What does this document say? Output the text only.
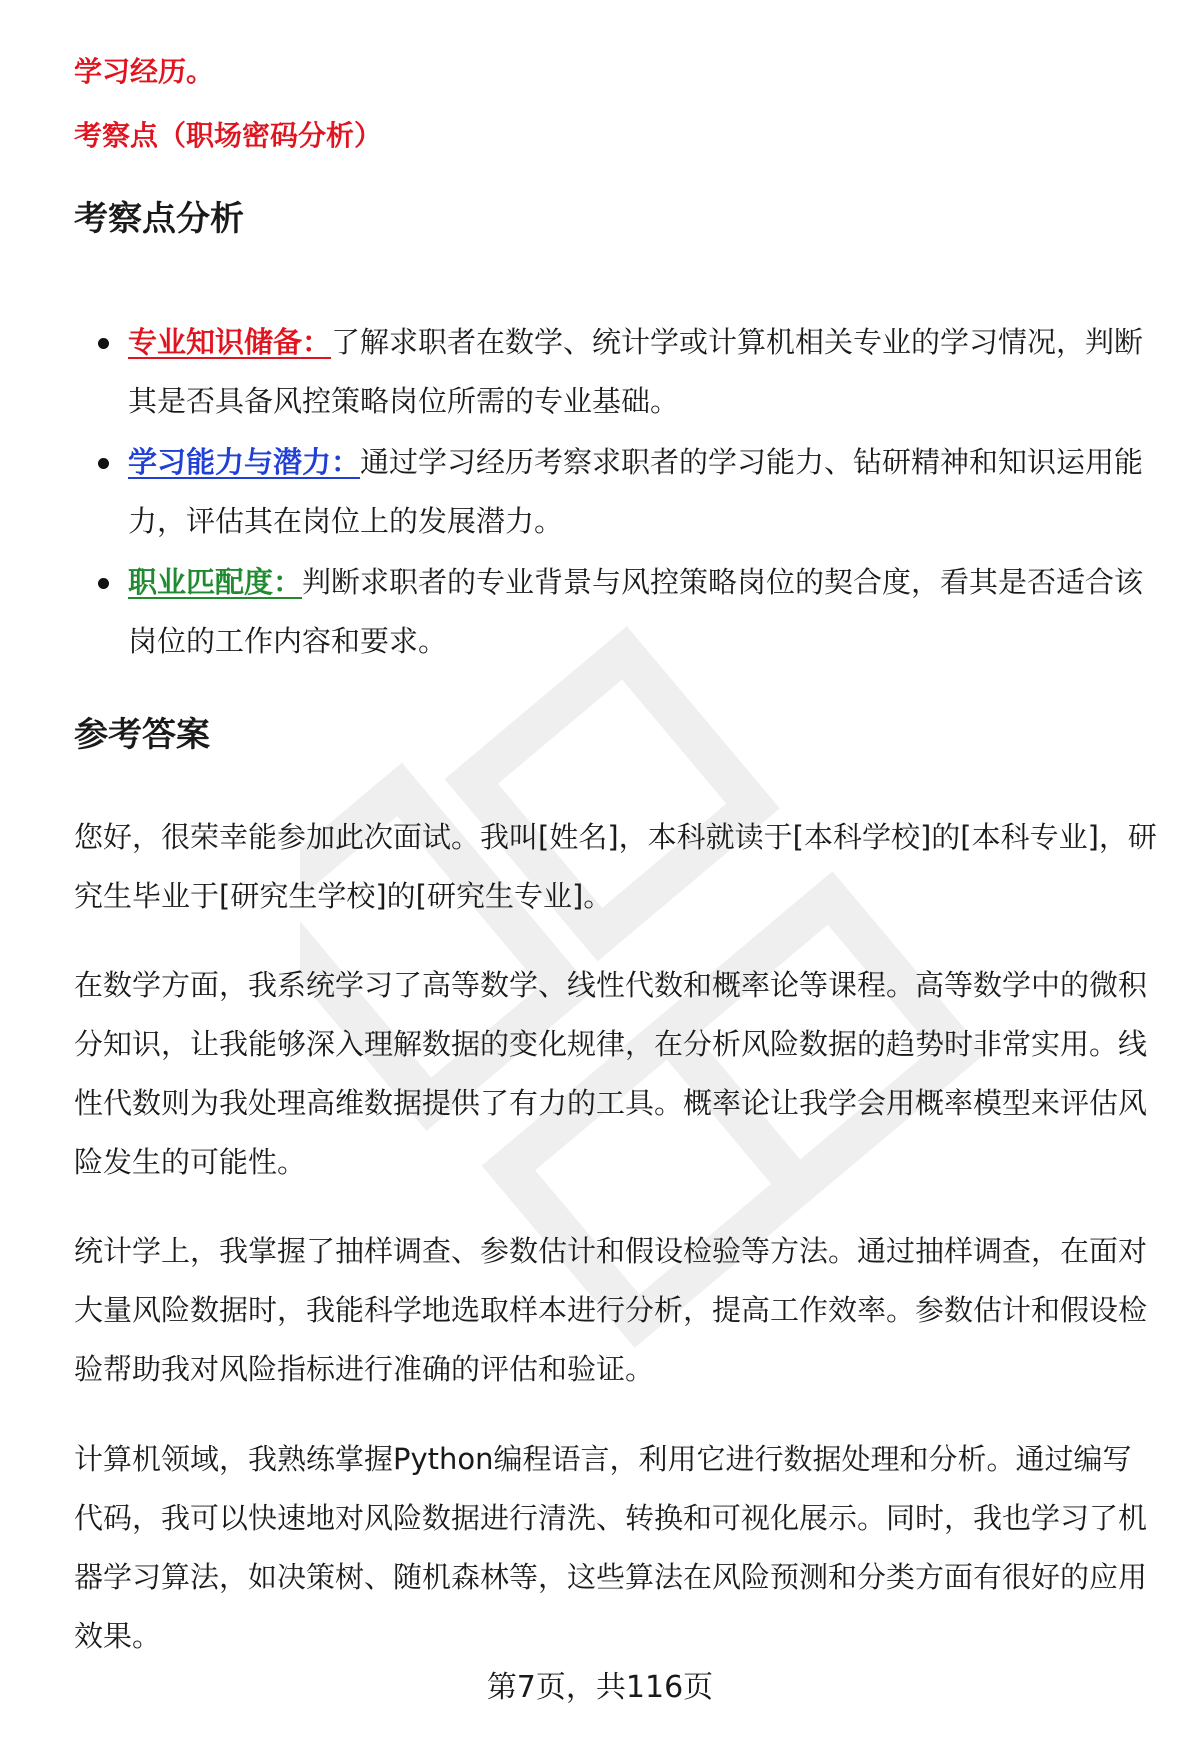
学习经历。
考察点（职场密码分析）
考察点分析
专业知识储备：了解求职者在数学、统计学或计算机相关专业的学习情况，判断其是否具备风控策略岗位所需的专业基础。
学习能力与潜力：通过学习经历考察求职者的学习能力、钻研精神和知识运用能力，评估其在岗位上的发展潜力。
职业匹配度：判断求职者的专业背景与风控策略岗位的契合度，看其是否适合该岗位的工作内容和要求。
参考答案
您好，很荣幸能参加此次面试。我叫[姓名]，本科就读于[本科学校]的[本科专业]，研究生毕业于[研究生学校]的[研究生专业]。
在数学方面，我系统学习了高等数学、线性代数和概率论等课程。高等数学中的微积分知识，让我能够深入理解数据的变化规律，在分析风险数据的趋势时非常实用。线性代数则为我处理高维数据提供了有力的工具。概率论让我学会用概率模型来评估风险发生的可能性。
统计学上，我掌握了抽样调查、参数估计和假设检验等方法。通过抽样调查，在面对大量风险数据时，我能科学地选取样本进行分析，提高工作效率。参数估计和假设检验帮助我对风险指标进行准确的评估和验证。
计算机领域，我熟练掌握Python编程语言，利用它进行数据处理和分析。通过编写代码，我可以快速地对风险数据进行清洗、转换和可视化展示。同时，我也学习了机器学习算法，如决策树、随机森林等，这些算法在风险预测和分类方面有很好的应用效果。
第7页，共116页
